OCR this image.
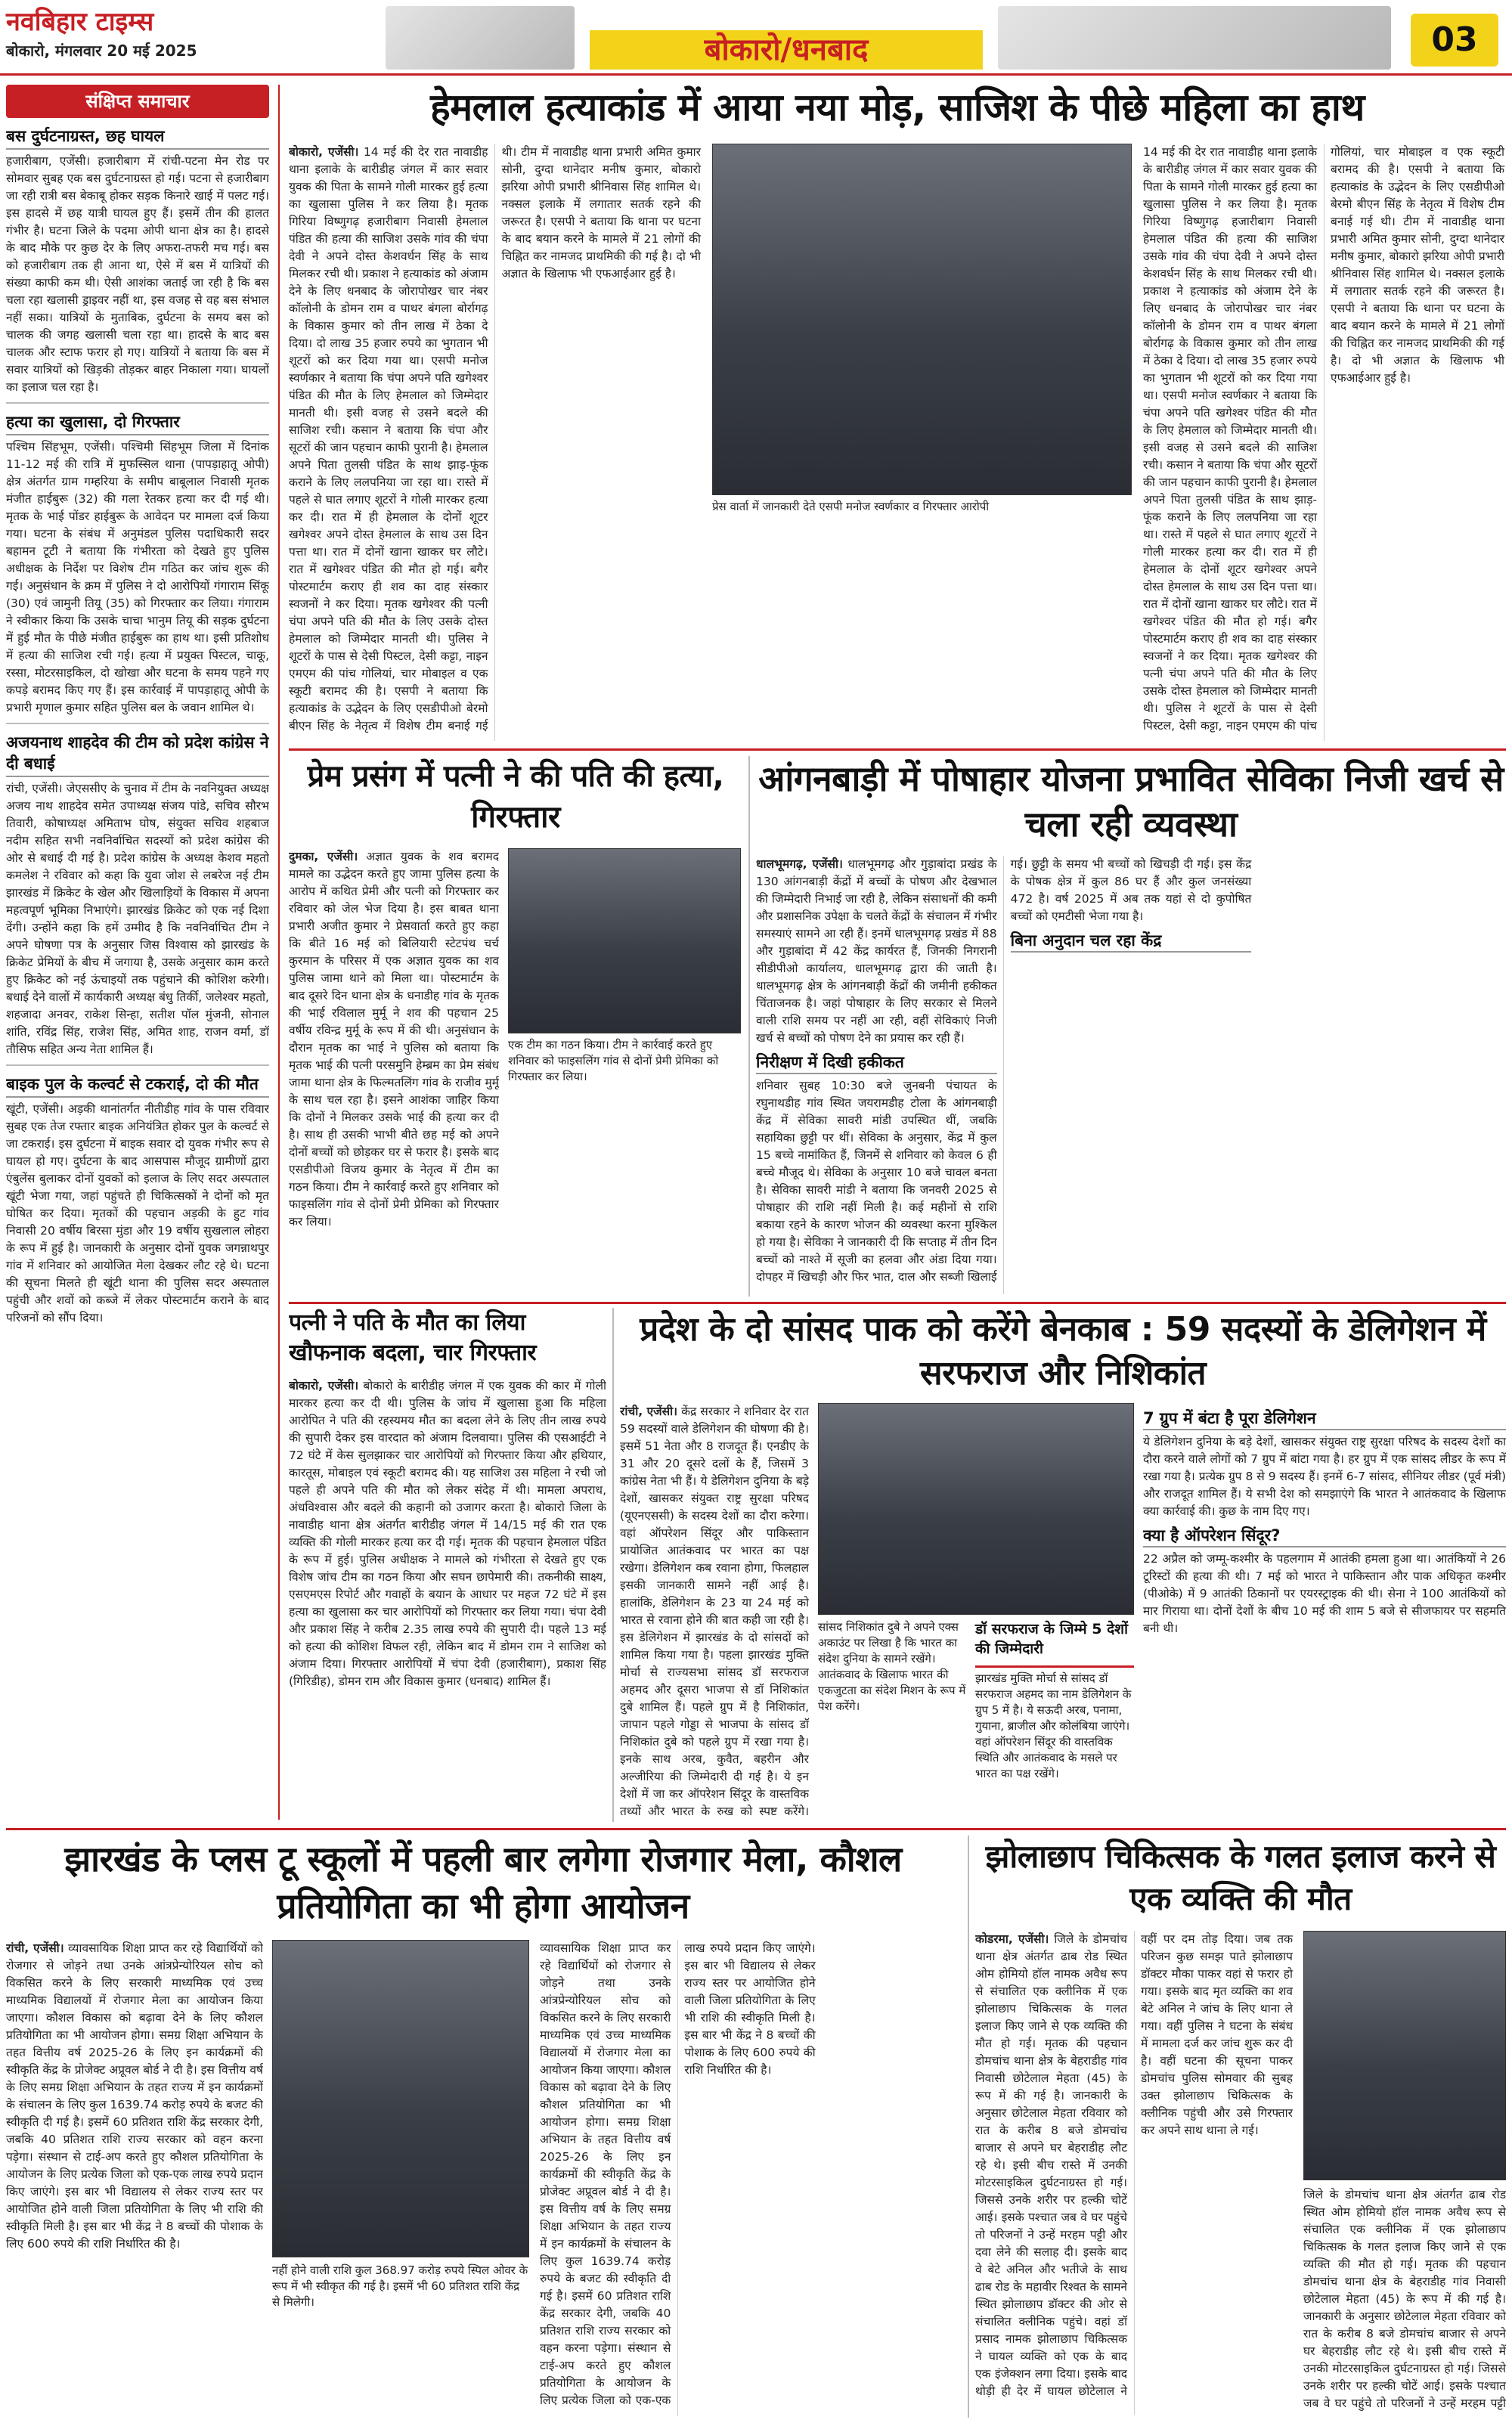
नवबिहार टाइम्स
बोकारो, मंगलवार 20 मई 2025	बोकारो/धनबाद	03
संक्षिप्त समाचार
बस दुर्घटनाग्रस्त, छह घायल

हजारीबाग, एजेंसी। हजारीबाग में रांची-पटना मेन रोड पर सोमवार सुबह एक बस दुर्घटनाग्रस्त हो गई। पटना से हजारीबाग जा रही रात्री बस बेकाबू होकर सड़क किनारे खाई में पलट गई। इस हादसे में छह यात्री घायल हुए हैं। इसमें तीन की हालत गंभीर है। घटना जिले के पदमा ओपी थाना क्षेत्र का है। हादसे के बाद मौके पर कुछ देर के लिए अफरा-तफरी मच गई। बस को हजारीबाग तक ही आना था, ऐसे में बस में यात्रियों की संख्या काफी कम थी। ऐसी आशंका जताई जा रही है कि बस चला रहा खलासी ड्राइवर नहीं था, इस वजह से वह बस संभाल नहीं सका। यात्रियों के मुताबिक, दुर्घटना के समय बस को चालक की जगह खलासी चला रहा था। हादसे के बाद बस चालक और स्टाफ फरार हो गए। यात्रियों ने बताया कि बस में सवार यात्रियों को खिड़की तोड़कर बाहर निकाला गया। घायलों का इलाज चल रहा है।

हत्या का खुलासा, दो गिरफ्तार

पश्चिम सिंहभूम, एजेंसी। पश्चिमी सिंहभूम जिला में दिनांक 11-12 मई की रात्रि में मुफस्सिल थाना (पापड़ाहातू ओपी) क्षेत्र अंतर्गत ग्राम गम्हरिया के समीप बाबूलाल निवासी मृतक मंजीत हाईबुरू (32) की गला रेतकर हत्या कर दी गई थी। मृतक के भाई पोंडर हाईबुरू के आवेदन पर मामला दर्ज किया गया। घटना के संबंध में अनुमंडल पुलिस पदाधिकारी सदर बहामन टूटी ने बताया कि गंभीरता को देखते हुए पुलिस अधीक्षक के निर्देश पर विशेष टीम गठित कर जांच शुरू की गई। अनुसंधान के क्रम में पुलिस ने दो आरोपियों गंगाराम सिंकू (30) एवं जामुनी तियू (35) को गिरफ्तार कर लिया। गंगाराम ने स्वीकार किया कि उसके चाचा भानुम तियू की सड़क दुर्घटना में हुई मौत के पीछे मंजीत हाईबुरू का हाथ था। इसी प्रतिशोध में हत्या की साजिश रची गई। हत्या में प्रयुक्त पिस्टल, चाकू, रस्सा, मोटरसाइकिल, दो खोखा और घटना के समय पहने गए कपड़े बरामद किए गए हैं। इस कार्रवाई में पापड़ाहातू ओपी के प्रभारी मृणाल कुमार सहित पुलिस बल के जवान शामिल थे।

अजयनाथ शाहदेव की टीम को प्रदेश कांग्रेस ने दी बधाई

रांची, एजेंसी। जेएससीए के चुनाव में टीम के नवनियुक्त अध्यक्ष अजय नाथ शाहदेव समेत उपाध्यक्ष संजय पांडे, सचिव सौरभ तिवारी, कोषाध्यक्ष अमिताभ घोष, संयुक्त सचिव शहबाज नदीम सहित सभी नवनिर्वाचित सदस्यों को प्रदेश कांग्रेस की ओर से बधाई दी गई है। प्रदेश कांग्रेस के अध्यक्ष केशव महतो कमलेश ने रविवार को कहा कि युवा जोश से लबरेज नई टीम झारखंड में क्रिकेट के खेल और खिलाड़ियों के विकास में अपना महत्वपूर्ण भूमिका निभाएंगे। झारखंड क्रिकेट को एक नई दिशा देंगी। उन्होंने कहा कि हमें उम्मीद है कि नवनिर्वाचित टीम ने अपने घोषणा पत्र के अनुसार जिस विश्वास को झारखंड के क्रिकेट प्रेमियों के बीच में जगाया है, उसके अनुसार काम करते हुए क्रिकेट को नई ऊंचाइयों तक पहुंचाने की कोशिश करेगी। बधाई देने वालों में कार्यकारी अध्यक्ष बंधु तिर्की, जलेश्वर महतो, शहजादा अनवर, राकेश सिन्हा, सतीश पॉल मुंजनी, सोनाल शांति, रविंद्र सिंह, राजेश सिंह, अमित शाह, राजन वर्मा, डॉ तौसिफ सहित अन्य नेता शामिल हैं।

बाइक पुल के कल्वर्ट से टकराई, दो की मौत

खूंटी, एजेंसी। अड़की थानांतर्गत नीतीडीह गांव के पास रविवार सुबह एक तेज रफ्तार बाइक अनियंत्रित होकर पुल के कल्वर्ट से जा टकराई। इस दुर्घटना में बाइक सवार दो युवक गंभीर रूप से घायल हो गए। दुर्घटना के बाद आसपास मौजूद ग्रामीणों द्वारा एंबुलेंस बुलाकर दोनों युवकों को इलाज के लिए सदर अस्पताल खूंटी भेजा गया, जहां पहुंचते ही चिकित्सकों ने दोनों को मृत घोषित कर दिया। मृतकों की पहचान अड़की के हुट गांव निवासी 20 वर्षीय बिरसा मुंडा और 19 वर्षीय सुखलाल लोहरा के रूप में हुई है। जानकारी के अनुसार दोनों युवक जगन्नाथपुर गांव में शनिवार को आयोजित मेला देखकर लौट रहे थे। घटना की सूचना मिलते ही खूंटी थाना की पुलिस सदर अस्पताल पहुंची और शवों को कब्जे में लेकर पोस्टमार्टम कराने के बाद परिजनों को सौंप दिया।

हेमलाल हत्याकांड में आया नया मोड़, साजिश के पीछे महिला का हाथ
प्रेस वार्ता में जानकारी देते एसपी मनोज स्वर्णकार व गिरफ्तार आरोपी
बोकारो, एजेंसी। 14 मई की देर रात नावाडीह थाना इलाके के बारीडीह जंगल में कार सवार युवक की पिता के सामने गोली मारकर हुई हत्या का खुलासा पुलिस ने कर लिया है। मृतक गिरिया विष्णुगढ़ हजारीबाग निवासी हेमलाल पंडित की हत्या की साजिश उसके गांव की चंपा देवी ने अपने दोस्त केशवर्धन सिंह के साथ मिलकर रची थी। प्रकाश ने हत्याकांड को अंजाम देने के लिए धनबाद के जोरापोखर चार नंबर कॉलोनी के डोमन राम व पाथर बंगला बोर्रागढ़ के विकास कुमार को तीन लाख में ठेका दे दिया। दो लाख 35 हजार रुपये का भुगतान भी शूटरों को कर दिया गया था। एसपी मनोज स्वर्णकार ने बताया कि चंपा अपने पति खगेश्वर पंडित की मौत के लिए हेमलाल को जिम्मेदार मानती थी। इसी वजह से उसने बदले की साजिश रची। कसान ने बताया कि चंपा और सूटरों की जान पहचान काफी पुरानी है। हेमलाल अपने पिता तुलसी पंडित के साथ झाड़-फूंक कराने के लिए ललपनिया जा रहा था। रास्ते में पहले से घात लगाए शूटरों ने गोली मारकर हत्या कर दी। रात में ही हेमलाल के दोनों शूटर खगेश्वर अपने दोस्त हेमलाल के साथ उस दिन पत्ता था। रात में दोनों खाना खाकर घर लौटे। रात में खगेश्वर पंडित की मौत हो गई। बगैर पोस्टमार्टम कराए ही शव का दाह संस्कार स्वजनों ने कर दिया। मृतक खगेश्वर की पत्नी चंपा अपने पति की मौत के लिए उसके दोस्त हेमलाल को जिम्मेदार मानती थी। पुलिस ने शूटरों के पास से देसी पिस्टल, देसी कट्टा, नाइन एमएम की पांच गोलियां, चार मोबाइल व एक स्कूटी बरामद की है। एसपी ने बताया कि हत्याकांड के उद्भेदन के लिए एसडीपीओ बेरमो बीएन सिंह के नेतृत्व में विशेष टीम बनाई गई थी। टीम में नावाडीह थाना प्रभारी अमित कुमार सोनी, दुग्दा थानेदार मनीष कुमार, बोकारो झरिया ओपी प्रभारी श्रीनिवास सिंह शामिल थे। नक्सल इलाके में लगातार सतर्क रहने की जरूरत है। एसपी ने बताया कि थाना पर घटना के बाद बयान करने के मामले में 21 लोगों की चिह्नित कर नामजद प्राथमिकी की गई है। दो भी अज्ञात के खिलाफ भी एफआईआर हुई है।
14 मई की देर रात नावाडीह थाना इलाके के बारीडीह जंगल में कार सवार युवक की पिता के सामने गोली मारकर हुई हत्या का खुलासा पुलिस ने कर लिया है। मृतक गिरिया विष्णुगढ़ हजारीबाग निवासी हेमलाल पंडित की हत्या की साजिश उसके गांव की चंपा देवी ने अपने दोस्त केशवर्धन सिंह के साथ मिलकर रची थी। प्रकाश ने हत्याकांड को अंजाम देने के लिए धनबाद के जोरापोखर चार नंबर कॉलोनी के डोमन राम व पाथर बंगला बोर्रागढ़ के विकास कुमार को तीन लाख में ठेका दे दिया। दो लाख 35 हजार रुपये का भुगतान भी शूटरों को कर दिया गया था। एसपी मनोज स्वर्णकार ने बताया कि चंपा अपने पति खगेश्वर पंडित की मौत के लिए हेमलाल को जिम्मेदार मानती थी। इसी वजह से उसने बदले की साजिश रची। कसान ने बताया कि चंपा और सूटरों की जान पहचान काफी पुरानी है। हेमलाल अपने पिता तुलसी पंडित के साथ झाड़-फूंक कराने के लिए ललपनिया जा रहा था। रास्ते में पहले से घात लगाए शूटरों ने गोली मारकर हत्या कर दी। रात में ही हेमलाल के दोनों शूटर खगेश्वर अपने दोस्त हेमलाल के साथ उस दिन पत्ता था। रात में दोनों खाना खाकर घर लौटे। रात में खगेश्वर पंडित की मौत हो गई। बगैर पोस्टमार्टम कराए ही शव का दाह संस्कार स्वजनों ने कर दिया। मृतक खगेश्वर की पत्नी चंपा अपने पति की मौत के लिए उसके दोस्त हेमलाल को जिम्मेदार मानती थी। पुलिस ने शूटरों के पास से देसी पिस्टल, देसी कट्टा, नाइन एमएम की पांच गोलियां, चार मोबाइल व एक स्कूटी बरामद की है। एसपी ने बताया कि हत्याकांड के उद्भेदन के लिए एसडीपीओ बेरमो बीएन सिंह के नेतृत्व में विशेष टीम बनाई गई थी। टीम में नावाडीह थाना प्रभारी अमित कुमार सोनी, दुग्दा थानेदार मनीष कुमार, बोकारो झरिया ओपी प्रभारी श्रीनिवास सिंह शामिल थे। नक्सल इलाके में लगातार सतर्क रहने की जरूरत है। एसपी ने बताया कि थाना पर घटना के बाद बयान करने के मामले में 21 लोगों की चिह्नित कर नामजद प्राथमिकी की गई है। दो भी अज्ञात के खिलाफ भी एफआईआर हुई है।
प्रेम प्रसंग में पत्नी ने की पति की हत्या, गिरफ्तार
एक टीम का गठन किया। टीम ने कार्रवाई करते हुए शनिवार को फाइसलिंग गांव से दोनों प्रेमी प्रेमिका को गिरफ्तार कर लिया।

दुमका, एजेंसी। अज्ञात युवक के शव बरामद मामले का उद्भेदन करते हुए जामा पुलिस हत्या के आरोप में कथित प्रेमी और पत्नी को गिरफ्तार कर रविवार को जेल भेज दिया है। इस बाबत थाना प्रभारी अजीत कुमार ने प्रेसवार्ता करते हुए कहा कि बीते 16 मई को बिलियारी स्टेटपंथ चर्च कुरमान के परिसर में एक अज्ञात युवक का शव पुलिस जामा थाने को मिला था। पोस्टमार्टम के बाद दूसरे दिन थाना क्षेत्र के धनाडीह गांव के मृतक की भाई रविलाल मुर्मू ने शव की पहचान 25 वर्षीय रविन्द्र मुर्मू के रूप में की थी। अनुसंधान के दौरान मृतक का भाई ने पुलिस को बताया कि मृतक भाई की पत्नी परसमुनि हेम्ब्रम का प्रेम संबंध जामा थाना क्षेत्र के फिल्मतलिंग गांव के राजीव मुर्मू के साथ चल रहा है। इसने आशंका जाहिर किया कि दोनों ने मिलकर उसके भाई की हत्या कर दी है। साथ ही उसकी भाभी बीते छह मई को अपने दोनों बच्चों को छोड़कर घर से फरार है। इसके बाद एसडीपीओ विजय कुमार के नेतृत्व में टीम का गठन किया। टीम ने कार्रवाई करते हुए शनिवार को फाइसलिंग गांव से दोनों प्रेमी प्रेमिका को गिरफ्तार कर लिया।

आंगनबाड़ी में पोषाहार योजना प्रभावित सेविका निजी खर्च से चला रही व्यवस्था
धालभूमगढ़, एजेंसी। धालभूमगढ़ और गुड़ाबांदा प्रखंड के 130 आंगनबाड़ी केंद्रों में बच्चों के पोषण और देखभाल की जिम्मेदारी निभाई जा रही है, लेकिन संसाधनों की कमी और प्रशासनिक उपेक्षा के चलते केंद्रों के संचालन में गंभीर समस्याएं सामने आ रही हैं। इनमें धालभूमगढ़ प्रखंड में 88 और गुड़ाबांदा में 42 केंद्र कार्यरत हैं, जिनकी निगरानी सीडीपीओ कार्यालय, धालभूमगढ़ द्वारा की जाती है। धालभूमगढ़ क्षेत्र के आंगनबाड़ी केंद्रों की जमीनी हकीकत चिंताजनक है। जहां पोषाहार के लिए सरकार से मिलने वाली राशि समय पर नहीं आ रही, वहीं सेविकाएं निजी खर्च से बच्चों को पोषण देने का प्रयास कर रही हैं।
निरीक्षण में दिखी हकीकत
शनिवार सुबह 10:30 बजे जुनबनी पंचायत के रघुनाथडीह गांव स्थित जयरामडीह टोला के आंगनबाड़ी केंद्र में सेविका सावरी मांडी उपस्थित थीं, जबकि सहायिका छुट्टी पर थीं। सेविका के अनुसार, केंद्र में कुल 15 बच्चे नामांकित हैं, जिनमें से शनिवार को केवल 6 ही बच्चे मौजूद थे। सेविका के अनुसार 10 बजे चावल बनता है। सेविका सावरी मांडी ने बताया कि जनवरी 2025 से पोषाहार की राशि नहीं मिली है। कई महीनों से राशि बकाया रहने के कारण भोजन की व्यवस्था करना मुश्किल हो गया है। सेविका ने जानकारी दी कि सप्ताह में तीन दिन बच्चों को नाश्ते में सूजी का हलवा और अंडा दिया गया। दोपहर में खिचड़ी और फिर भात, दाल और सब्जी खिलाई गई। छुट्टी के समय भी बच्चों को खिचड़ी दी गई। इस केंद्र के पोषक क्षेत्र में कुल 86 घर हैं और कुल जनसंख्या 472 है। वर्ष 2025 में अब तक यहां से दो कुपोषित बच्चों को एमटीसी भेजा गया है।
बिना अनुदान चल रहा केंद्र
पत्नी ने पति के मौत का लिया खौफनाक बदला, चार गिरफ्तार

बोकारो, एजेंसी। बोकारो के बारीडीह जंगल में एक युवक की कार में गोली मारकर हत्या कर दी थी। पुलिस के जांच में खुलासा हुआ कि महिला आरोपित ने पति की रहस्यमय मौत का बदला लेने के लिए तीन लाख रुपये की सुपारी देकर इस वारदात को अंजाम दिलवाया। पुलिस की एसआईटी ने 72 घंटे में केस सुलझाकर चार आरोपियों को गिरफ्तार किया और हथियार, कारतूस, मोबाइल एवं स्कूटी बरामद की। यह साजिश उस महिला ने रची जो पहले ही अपने पति की मौत को लेकर संदेह में थी। मामला अपराध, अंधविश्वास और बदले की कहानी को उजागर करता है। बोकारो जिला के नावाडीह थाना क्षेत्र अंतर्गत बारीडीह जंगल में 14/15 मई की रात एक व्यक्ति की गोली मारकर हत्या कर दी गई। मृतक की पहचान हेमलाल पंडित के रूप में हुई। पुलिस अधीक्षक ने मामले को गंभीरता से देखते हुए एक विशेष जांच टीम का गठन किया और सघन छापेमारी की। तकनीकी साक्ष्य, एसएमएस रिपोर्ट और गवाहों के बयान के आधार पर महज 72 घंटे में इस हत्या का खुलासा कर चार आरोपियों को गिरफ्तार कर लिया गया। चंपा देवी और प्रकाश सिंह ने करीब 2.35 लाख रुपये की सुपारी दी। पहले 13 मई को हत्या की कोशिश विफल रही, लेकिन बाद में डोमन राम ने साजिश को अंजाम दिया। गिरफ्तार आरोपियों में चंपा देवी (हजारीबाग), प्रकाश सिंह (गिरिडीह), डोमन राम और विकास कुमार (धनबाद) शामिल हैं।

प्रदेश के दो सांसद पाक को करेंगे बेनकाब : 59 सदस्यों के डेलिगेशन में सरफराज और निशिकांत

रांची, एजेंसी। केंद्र सरकार ने शनिवार देर रात 59 सदस्यों वाले डेलिगेशन की घोषणा की है। इसमें 51 नेता और 8 राजदूत हैं। एनडीए के 31 और 20 दूसरे दलों के हैं, जिसमें 3 कांग्रेस नेता भी हैं। ये डेलिगेशन दुनिया के बड़े देशों, खासकर संयुक्त राष्ट्र सुरक्षा परिषद (यूएनएससी) के सदस्य देशों का दौरा करेगा। वहां ऑपरेशन सिंदूर और पाकिस्तान प्रायोजित आतंकवाद पर भारत का पक्ष रखेगा। डेलिगेशन कब रवाना होगा, फिलहाल इसकी जानकारी सामने नहीं आई है। हालांकि, डेलिगेशन के 23 या 24 मई को भारत से रवाना होने की बात कही जा रही है। इस डेलिगेशन में झारखंड के दो सांसदों को शामिल किया गया है। पहला झारखंड मुक्ति मोर्चा से राज्यसभा सांसद डॉ सरफराज अहमद और दूसरा भाजपा से डॉ निशिकांत दुबे शामिल हैं। पहले ग्रुप में है निशिकांत, जापान पहले गोड्डा से भाजपा के सांसद डॉ निशिकांत दुबे को पहले ग्रुप में रखा गया है। इनके साथ अरब, कुवैत, बहरीन और अल्जीरिया की जिम्मेदारी दी गई है। ये इन देशों में जा कर ऑपरेशन सिंदूर के वास्तविक तथ्यों और भारत के रुख को स्पष्ट करेंगे।

सांसद निशिकांत दुबे ने अपने एक्स अकाउंट पर लिखा है कि भारत का संदेश दुनिया के सामने रखेंगे। आतंकवाद के खिलाफ भारत की एकजुटता का संदेश मिशन के रूप में पेश करेंगे।
डॉ सरफराज के जिम्मे 5 देशों की जिम्मेदारी
झारखंड मुक्ति मोर्चा से सांसद डॉ सरफराज अहमद का नाम डेलिगेशन के ग्रुप 5 में है। ये सऊदी अरब, पनामा, गुयाना, ब्राजील और कोलंबिया जाएंगे। वहां ऑपरेशन सिंदूर की वास्तविक स्थिति और आतंकवाद के मसले पर भारत का पक्ष रखेंगे।
7 ग्रुप में बंटा है पूरा डेलिगेशन

ये डेलिगेशन दुनिया के बड़े देशों, खासकर संयुक्त राष्ट्र सुरक्षा परिषद के सदस्य देशों का दौरा करने वाले लोगों को 7 ग्रुप में बांटा गया है। हर ग्रुप में एक सांसद लीडर के रूप में रखा गया है। प्रत्येक ग्रुप 8 से 9 सदस्य हैं। इनमें 6-7 सांसद, सीनियर लीडर (पूर्व मंत्री) और राजदूत शामिल हैं। ये सभी देश को समझाएंगे कि भारत ने आतंकवाद के खिलाफ क्या कार्रवाई की। कुछ के नाम दिए गए।

क्या है ऑपरेशन सिंदूर?

22 अप्रैल को जम्मू-कश्मीर के पहलगाम में आतंकी हमला हुआ था। आतंकियों ने 26 टूरिस्टों की हत्या की थी। 7 मई को भारत ने पाकिस्तान और पाक अधिकृत कश्मीर (पीओके) में 9 आतंकी ठिकानों पर एयरस्ट्राइक की थी। सेना ने 100 आतंकियों को मार गिराया था। दोनों देशों के बीच 10 मई की शाम 5 बजे से सीजफायर पर सहमति बनी थी।

झारखंड के प्लस टू स्कूलों में पहली बार लगेगा रोजगार मेला, कौशल प्रतियोगिता का भी होगा आयोजन

रांची, एजेंसी। व्यावसायिक शिक्षा प्राप्त कर रहे विद्यार्थियों को रोजगार से जोड़ने तथा उनके आंत्रप्रेन्योरियल सोच को विकसित करने के लिए सरकारी माध्यमिक एवं उच्च माध्यमिक विद्यालयों में रोजगार मेला का आयोजन किया जाएगा। कौशल विकास को बढ़ावा देने के लिए कौशल प्रतियोगिता का भी आयोजन होगा। समग्र शिक्षा अभियान के तहत वित्तीय वर्ष 2025-26 के लिए इन कार्यक्रमों की स्वीकृति केंद्र के प्रोजेक्ट अप्रूवल बोर्ड ने दी है। इस वित्तीय वर्ष के लिए समग्र शिक्षा अभियान के तहत राज्य में इन कार्यक्रमों के संचालन के लिए कुल 1639.74 करोड़ रुपये के बजट की स्वीकृति दी गई है। इसमें 60 प्रतिशत राशि केंद्र सरकार देगी, जबकि 40 प्रतिशत राशि राज्य सरकार को वहन करना पड़ेगा। संस्थान से टाई-अप करते हुए कौशल प्रतियोगिता के आयोजन के लिए प्रत्येक जिला को एक-एक लाख रुपये प्रदान किए जाएंगे। इस बार भी विद्यालय से लेकर राज्य स्तर पर आयोजित होने वाली जिला प्रतियोगिता के लिए भी राशि की स्वीकृति मिली है। इस बार भी केंद्र ने 8 बच्चों की पोशाक के लिए 600 रुपये की राशि निर्धारित की है।

नहीं होने वाली राशि कुल 368.97 करोड़ रुपये स्पिल ओवर के रूप में भी स्वीकृत की गई है। इसमें भी 60 प्रतिशत राशि केंद्र से मिलेगी।
व्यावसायिक शिक्षा प्राप्त कर रहे विद्यार्थियों को रोजगार से जोड़ने तथा उनके आंत्रप्रेन्योरियल सोच को विकसित करने के लिए सरकारी माध्यमिक एवं उच्च माध्यमिक विद्यालयों में रोजगार मेला का आयोजन किया जाएगा। कौशल विकास को बढ़ावा देने के लिए कौशल प्रतियोगिता का भी आयोजन होगा। समग्र शिक्षा अभियान के तहत वित्तीय वर्ष 2025-26 के लिए इन कार्यक्रमों की स्वीकृति केंद्र के प्रोजेक्ट अप्रूवल बोर्ड ने दी है। इस वित्तीय वर्ष के लिए समग्र शिक्षा अभियान के तहत राज्य में इन कार्यक्रमों के संचालन के लिए कुल 1639.74 करोड़ रुपये के बजट की स्वीकृति दी गई है। इसमें 60 प्रतिशत राशि केंद्र सरकार देगी, जबकि 40 प्रतिशत राशि राज्य सरकार को वहन करना पड़ेगा। संस्थान से टाई-अप करते हुए कौशल प्रतियोगिता के आयोजन के लिए प्रत्येक जिला को एक-एक लाख रुपये प्रदान किए जाएंगे। इस बार भी विद्यालय से लेकर राज्य स्तर पर आयोजित होने वाली जिला प्रतियोगिता के लिए भी राशि की स्वीकृति मिली है। इस बार भी केंद्र ने 8 बच्चों की पोशाक के लिए 600 रुपये की राशि निर्धारित की है।
झोलाछाप चिकित्सक के गलत इलाज करने से एक व्यक्ति की मौत
कोडरमा, एजेंसी। जिले के डोमचांच थाना क्षेत्र अंतर्गत ढाब रोड स्थित ओम होमियो हॉल नामक अवैध रूप से संचालित एक क्लीनिक में एक झोलाछाप चिकित्सक के गलत इलाज किए जाने से एक व्यक्ति की मौत हो गई। मृतक की पहचान डोमचांच थाना क्षेत्र के बेहराडीह गांव निवासी छोटेलाल मेहता (45) के रूप में की गई है। जानकारी के अनुसार छोटेलाल मेहता रविवार को रात के करीब 8 बजे डोमचांच बाजार से अपने घर बेहराडीह लौट रहे थे। इसी बीच रास्ते में उनकी मोटरसाइकिल दुर्घटनाग्रस्त हो गई। जिससे उनके शरीर पर हल्की चोटें आई। इसके पश्चात जब वे घर पहुंचे तो परिजनों ने उन्हें मरहम पट्टी और दवा लेने की सलाह दी। इसके बाद वे बेटे अनिल और भतीजे के साथ ढाब रोड के महावीर रिश्वत के सामने स्थित झोलाछाप डॉक्टर की ओर से संचालित क्लीनिक पहुंचे। वहां डॉ प्रसाद नामक झोलाछाप चिकित्सक ने घायल व्यक्ति को एक के बाद एक इंजेक्शन लगा दिया। इसके बाद थोड़ी ही देर में घायल छोटेलाल ने वहीं पर दम तोड़ दिया। जब तक परिजन कुछ समझ पाते झोलाछाप डॉक्टर मौका पाकर वहां से फरार हो गया। इसके बाद मृत व्यक्ति का शव बेटे अनिल ने जांच के लिए थाना ले गया। वहीं पुलिस ने घटना के संबंध में मामला दर्ज कर जांच शुरू कर दी है। वहीं घटना की सूचना पाकर डोमचांच पुलिस सोमवार की सुबह उक्त झोलाछाप चिकित्सक के क्लीनिक पहुंची और उसे गिरफ्तार कर अपने साथ थाना ले गई।

जिले के डोमचांच थाना क्षेत्र अंतर्गत ढाब रोड स्थित ओम होमियो हॉल नामक अवैध रूप से संचालित एक क्लीनिक में एक झोलाछाप चिकित्सक के गलत इलाज किए जाने से एक व्यक्ति की मौत हो गई। मृतक की पहचान डोमचांच थाना क्षेत्र के बेहराडीह गांव निवासी छोटेलाल मेहता (45) के रूप में की गई है। जानकारी के अनुसार छोटेलाल मेहता रविवार को रात के करीब 8 बजे डोमचांच बाजार से अपने घर बेहराडीह लौट रहे थे। इसी बीच रास्ते में उनकी मोटरसाइकिल दुर्घटनाग्रस्त हो गई। जिससे उनके शरीर पर हल्की चोटें आई। इसके पश्चात जब वे घर पहुंचे तो परिजनों ने उन्हें मरहम पट्टी
